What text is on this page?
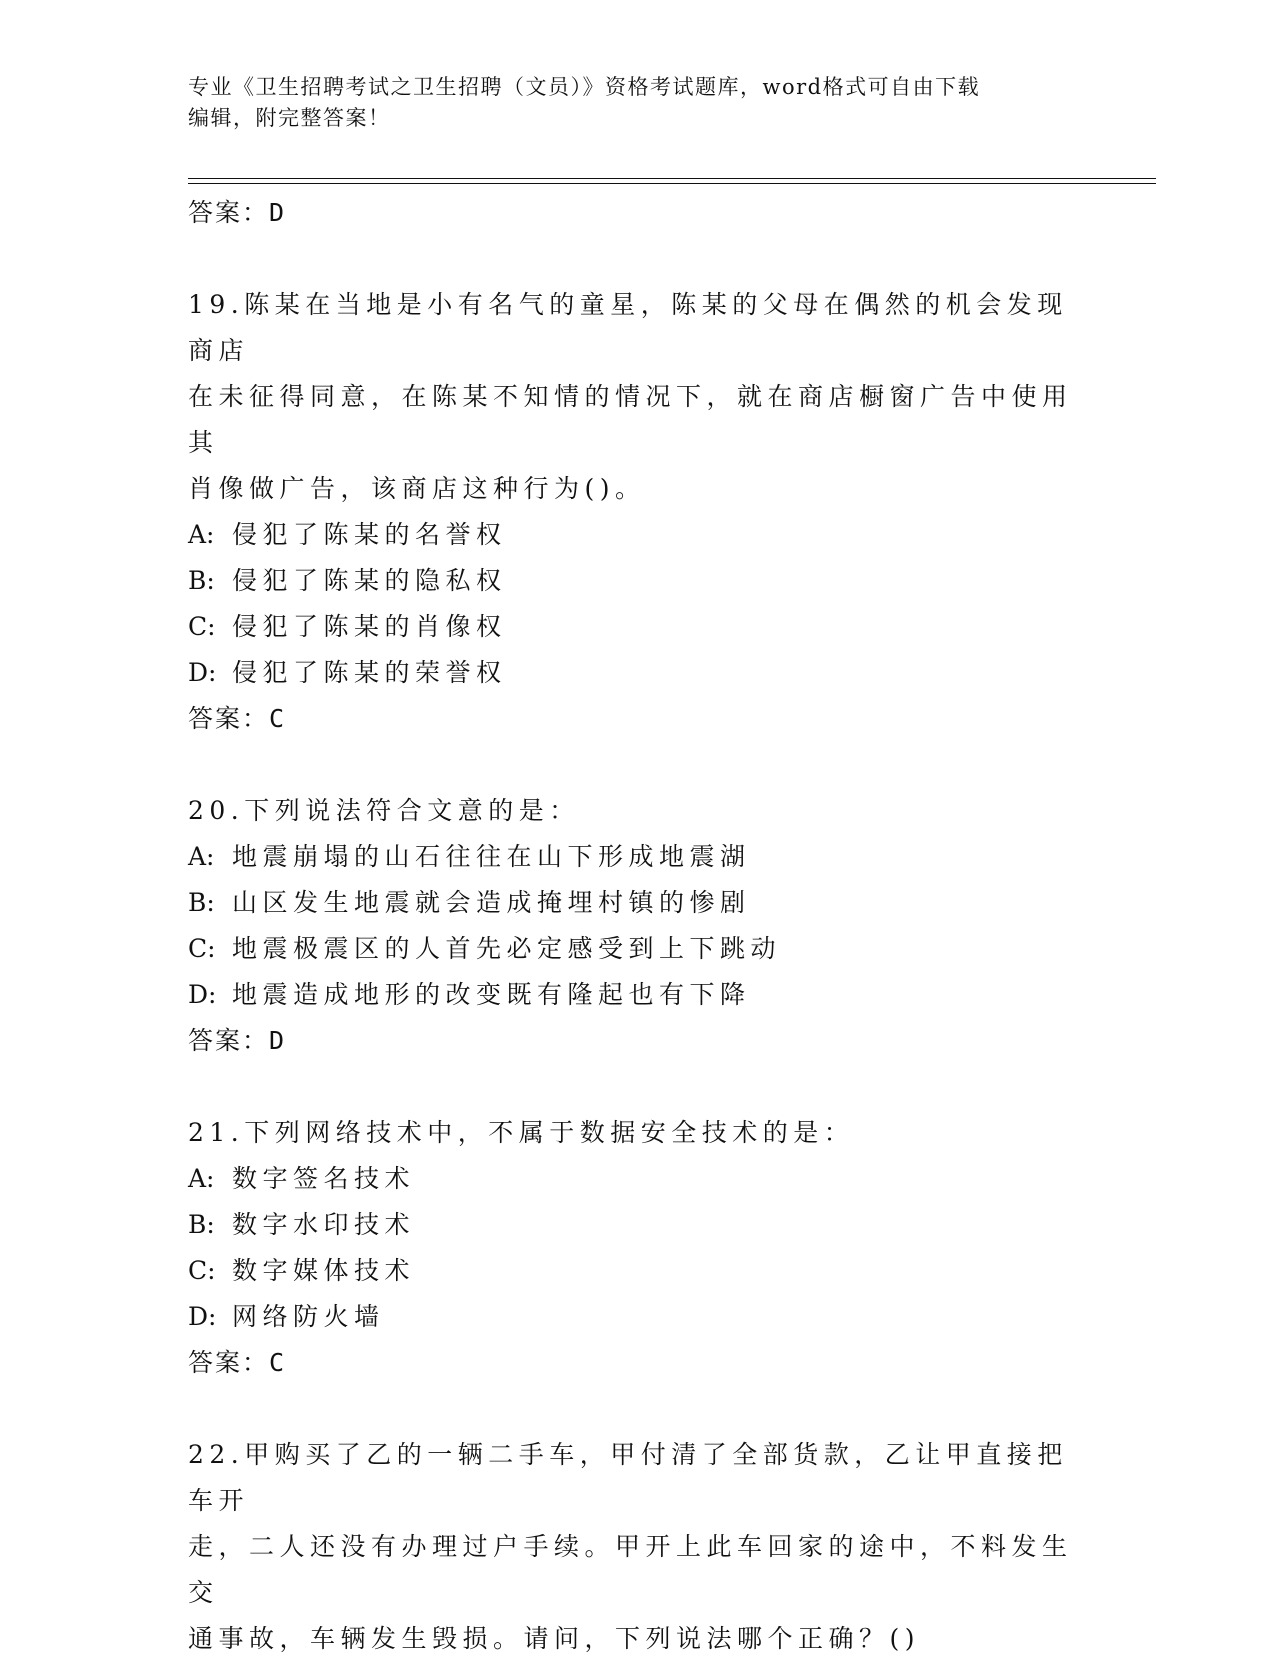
专业《卫生招聘考试之卫生招聘（文员）》资格考试题库，word格式可自由下载
编辑，附完整答案！
答案：D
19.陈某在当地是小有名气的童星，陈某的父母在偶然的机会发现商店
在未征得同意，在陈某不知情的情况下，就在商店橱窗广告中使用其
肖像做广告，该商店这种行为()。
A: 侵犯了陈某的名誉权
B: 侵犯了陈某的隐私权
C: 侵犯了陈某的肖像权
D: 侵犯了陈某的荣誉权
答案：C
20.下列说法符合文意的是：
A: 地震崩塌的山石往往在山下形成地震湖
B: 山区发生地震就会造成掩埋村镇的惨剧
C: 地震极震区的人首先必定感受到上下跳动
D: 地震造成地形的改变既有隆起也有下降
答案：D
21.下列网络技术中，不属于数据安全技术的是：
A: 数字签名技术
B: 数字水印技术
C: 数字媒体技术
D: 网络防火墙
答案：C
22.甲购买了乙的一辆二手车，甲付清了全部货款，乙让甲直接把车开
走，二人还没有办理过户手续。甲开上此车回家的途中，不料发生交
通事故，车辆发生毁损。请问，下列说法哪个正确？()
